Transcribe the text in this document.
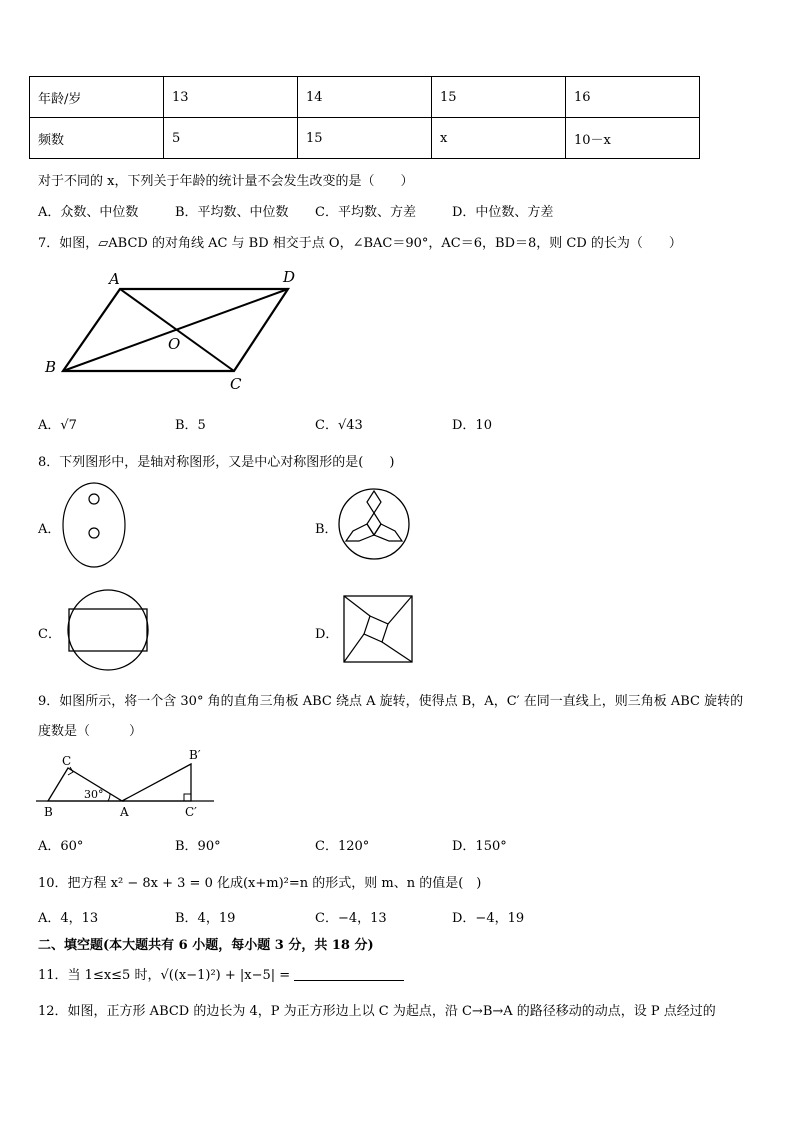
年龄/岁	13	14	15	16
频数	5	15	x	10－x
对于不同的 x，下列关于年龄的统计量不会发生改变的是（　　）
A．众数、中位数	B．平均数、中位数 C．平均数、方差	D．中位数、方差
7．如图，▱ABCD 的对角线 AC 与 BD 相交于点 O，∠BAC＝90°，AC＝6，BD＝8，则 CD 的长为（　　）
A	D
B
C
O
A．√7	B．5	C．√43	D．10
8．下列图形中，是轴对称图形，又是中心对称图形的是(　　)
A．	B．
C．	D．
9．如图所示，将一个含 30° 角的直角三角板 ABC 绕点 A 旋转，使得点 B，A，C′ 在同一直线上，则三角板 ABC 旋转的
度数是（　　　）
C	B′
30°
B	A	C′
A．60°	B．90°	C．120°	D．150°
10．把方程 x² − 8x + 3 = 0 化成(x+m)²=n 的形式，则 m、n 的值是(　)
A．4，13	B．4，19	C．−4，13	D．−4，19
二、填空题(本大题共有 6 小题，每小题 3 分，共 18 分)
11．当 1≤x≤5 时，√((x−1)²) + |x−5| =
12．如图，正方形 ABCD 的边长为 4，P 为正方形边上以 C 为起点，沿 C→B→A 的路径移动的动点，设 P 点经过的
